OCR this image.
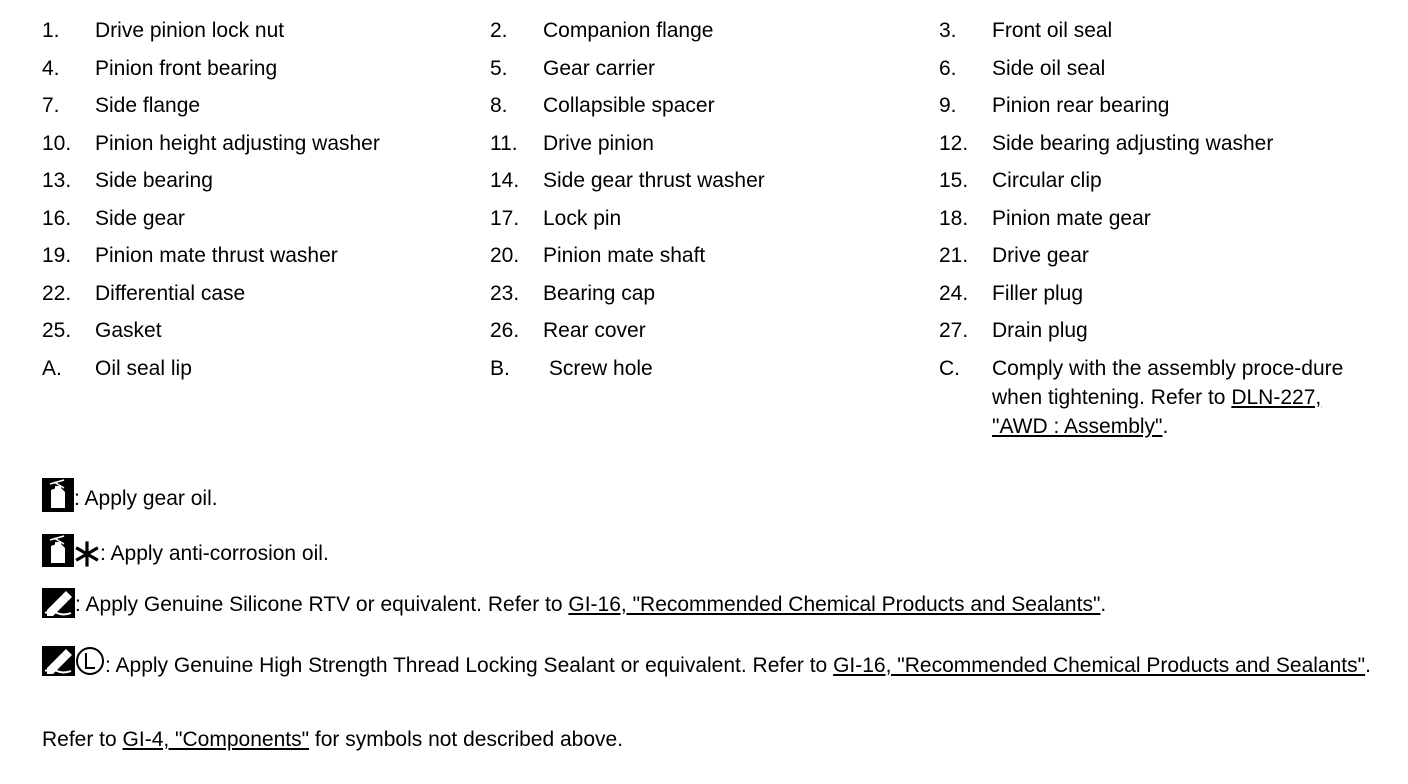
1.	Drive pinion lock nut	2.	Companion flange	3.	Front oil seal
4.	Pinion front bearing	5.	Gear carrier	6.	Side oil seal
7.	Side flange	8.	Collapsible spacer	9.	Pinion rear bearing
10.	Pinion height adjusting washer	11.	Drive pinion	12.	Side bearing adjusting washer
13.	Side bearing	14.	Side gear thrust washer	15.	Circular clip
16.	Side gear	17.	Lock pin	18.	Pinion mate gear
19.	Pinion mate thrust washer	20.	Pinion mate shaft	21.	Drive gear
22.	Differential case	23.	Bearing cap	24.	Filler plug
25.	Gasket	26.	Rear cover	27.	Drain plug
A.	Oil seal lip	B.	Screw hole	C.	Comply with the assembly proce-dure when tightening. Refer to DLN-227, "AWD : Assembly".
: Apply gear oil.
: Apply anti-corrosion oil.
: Apply Genuine Silicone RTV or equivalent. Refer to GI-16, "Recommended Chemical Products and Sealants".
: Apply Genuine High Strength Thread Locking Sealant or equivalent. Refer to GI-16, "Recommended Chemical Products and Sealants".
Refer to GI-4, "Components" for symbols not described above.
